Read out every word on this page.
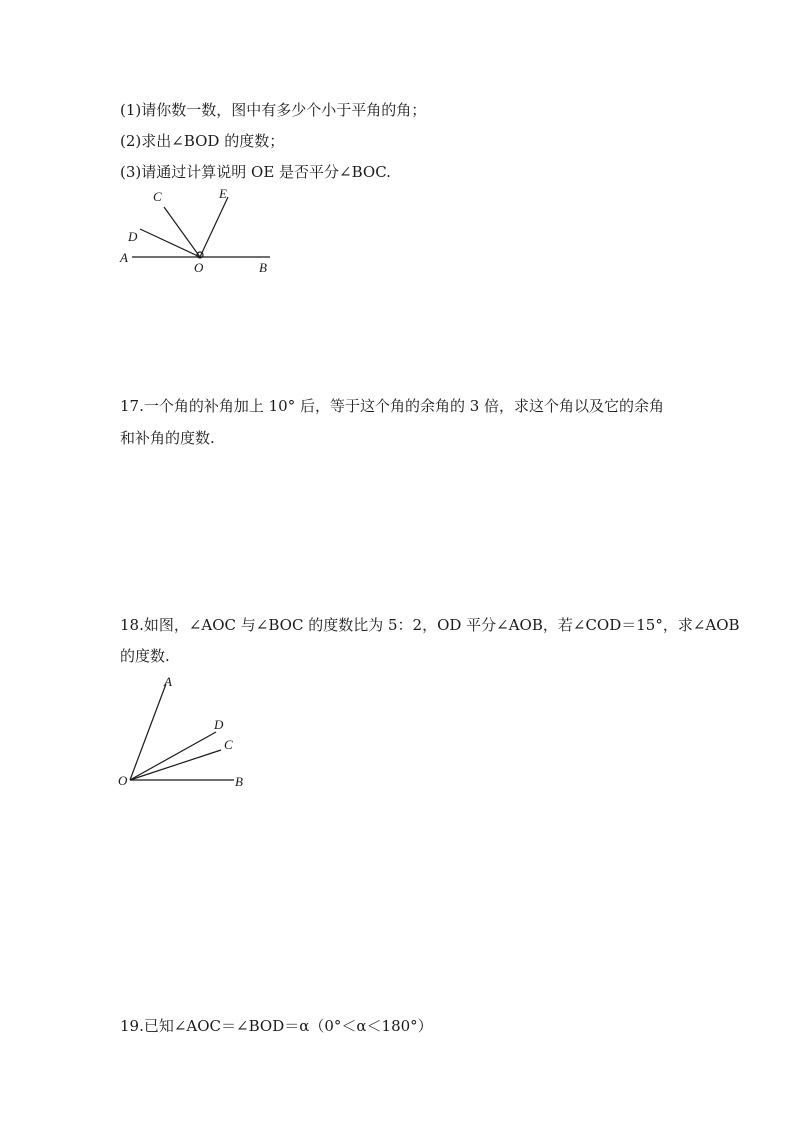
(1)请你数一数，图中有多少个小于平角的角；
(2)求出∠BOD 的度数；
(3)请通过计算说明 OE 是否平分∠BOC.
A
D
C	E
O	B
17.一个角的补角加上 10° 后，等于这个角的余角的 3 倍，求这个角以及它的余角
和补角的度数.
18.如图，∠AOC 与∠BOC 的度数比为 5：2，OD 平分∠AOB，若∠COD＝15°，求∠AOB
的度数.
A
D
C
O	B
19.已知∠AOC＝∠BOD＝α（0°＜α＜180°）
